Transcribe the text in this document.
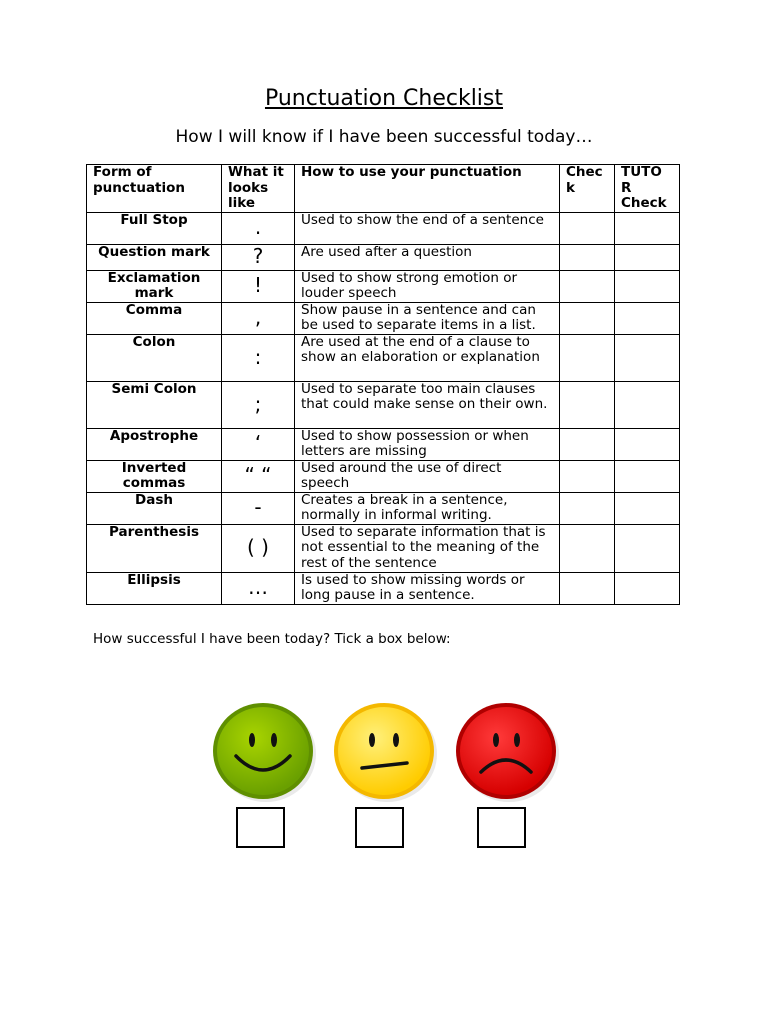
Punctuation Checklist
How I will know if I have been successful today…
Form of punctuation	What it looks like	How to use your punctuation	Chec k	TUTO R Check
Full Stop	.	Used to show the end of a sentence		
Question mark	?	Are used after a question		
Exclamation mark	!	Used to show strong emotion or louder speech		
Comma	,	Show pause in a sentence and can be used to separate items in a list.		
Colon	:	Are used at the end of a clause to show an elaboration or explanation		
Semi Colon	;	Used to separate too main clauses that could make sense on their own.		
Apostrophe	‘	Used to show possession or when letters are missing		
Inverted commas	“ “	Used around the use of direct speech		
Dash	-	Creates a break in a sentence, normally in informal writing.		
Parenthesis	( )	Used to separate information that is not essential to the meaning of the rest of the sentence		
Ellipsis	…	Is used to show missing words or long pause in a sentence.		
How successful I have been today? Tick a box below:
